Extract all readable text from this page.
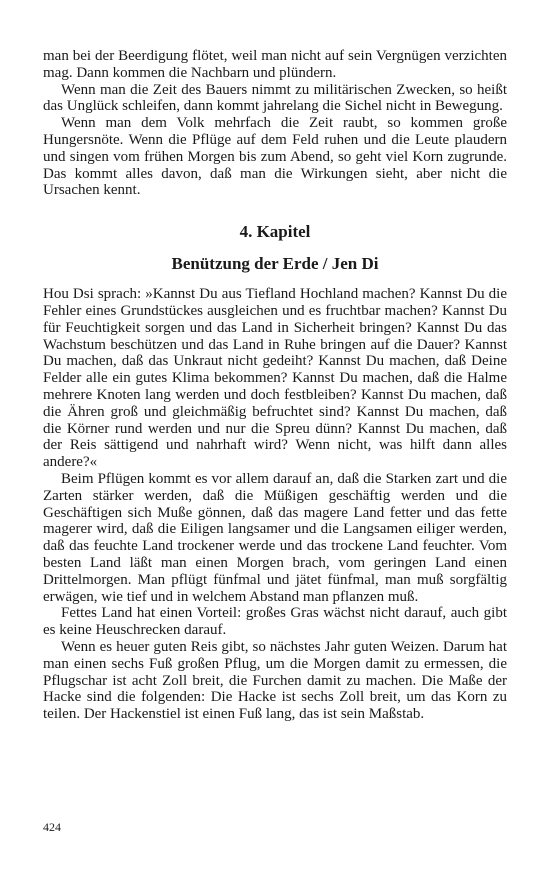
man bei der Beerdigung flötet, weil man nicht auf sein Vergnügen verzichten mag. Dann kommen die Nachbarn und plündern.

Wenn man die Zeit des Bauers nimmt zu militärischen Zwecken, so heißt das Unglück schleifen, dann kommt jahrelang die Sichel nicht in Bewegung.

Wenn man dem Volk mehrfach die Zeit raubt, so kommen große Hungersnöte. Wenn die Pflüge auf dem Feld ruhen und die Leute plaudern und singen vom frühen Morgen bis zum Abend, so geht viel Korn zugrunde. Das kommt alles davon, daß man die Wirkungen sieht, aber nicht die Ursachen kennt.

4. Kapitel
Benützung der Erde / Jen Di

Hou Dsi sprach: »Kannst Du aus Tiefland Hochland machen? Kannst Du die Fehler eines Grundstückes ausgleichen und es fruchtbar machen? Kannst Du für Feuchtigkeit sorgen und das Land in Sicherheit bringen? Kannst Du das Wachstum beschützen und das Land in Ruhe bringen auf die Dauer? Kannst Du machen, daß das Unkraut nicht gedeiht? Kannst Du machen, daß Deine Felder alle ein gutes Klima bekommen? Kannst Du machen, daß die Halme mehrere Knoten lang werden und doch festbleiben? Kannst Du machen, daß die Ähren groß und gleichmäßig befruchtet sind? Kannst Du machen, daß die Körner rund werden und nur die Spreu dünn? Kannst Du machen, daß der Reis sättigend und nahrhaft wird? Wenn nicht, was hilft dann alles andere?«

Beim Pflügen kommt es vor allem darauf an, daß die Starken zart und die Zarten stärker werden, daß die Müßigen geschäftig werden und die Geschäftigen sich Muße gönnen, daß das magere Land fetter und das fette magerer wird, daß die Eiligen langsamer und die Langsamen eiliger werden, daß das feuchte Land trockener werde und das trockene Land feuchter. Vom besten Land läßt man einen Morgen brach, vom geringen Land einen Drittelmorgen. Man pflügt fünfmal und jätet fünfmal, man muß sorgfältig erwägen, wie tief und in welchem Abstand man pflanzen muß.

Fettes Land hat einen Vorteil: großes Gras wächst nicht darauf, auch gibt es keine Heuschrecken darauf.

Wenn es heuer guten Reis gibt, so nächstes Jahr guten Weizen. Darum hat man einen sechs Fuß großen Pflug, um die Morgen damit zu ermessen, die Pflugschar ist acht Zoll breit, die Furchen damit zu machen. Die Maße der Hacke sind die folgenden: Die Hacke ist sechs Zoll breit, um das Korn zu teilen. Der Hackenstiel ist einen Fuß lang, das ist sein Maßstab.

424
